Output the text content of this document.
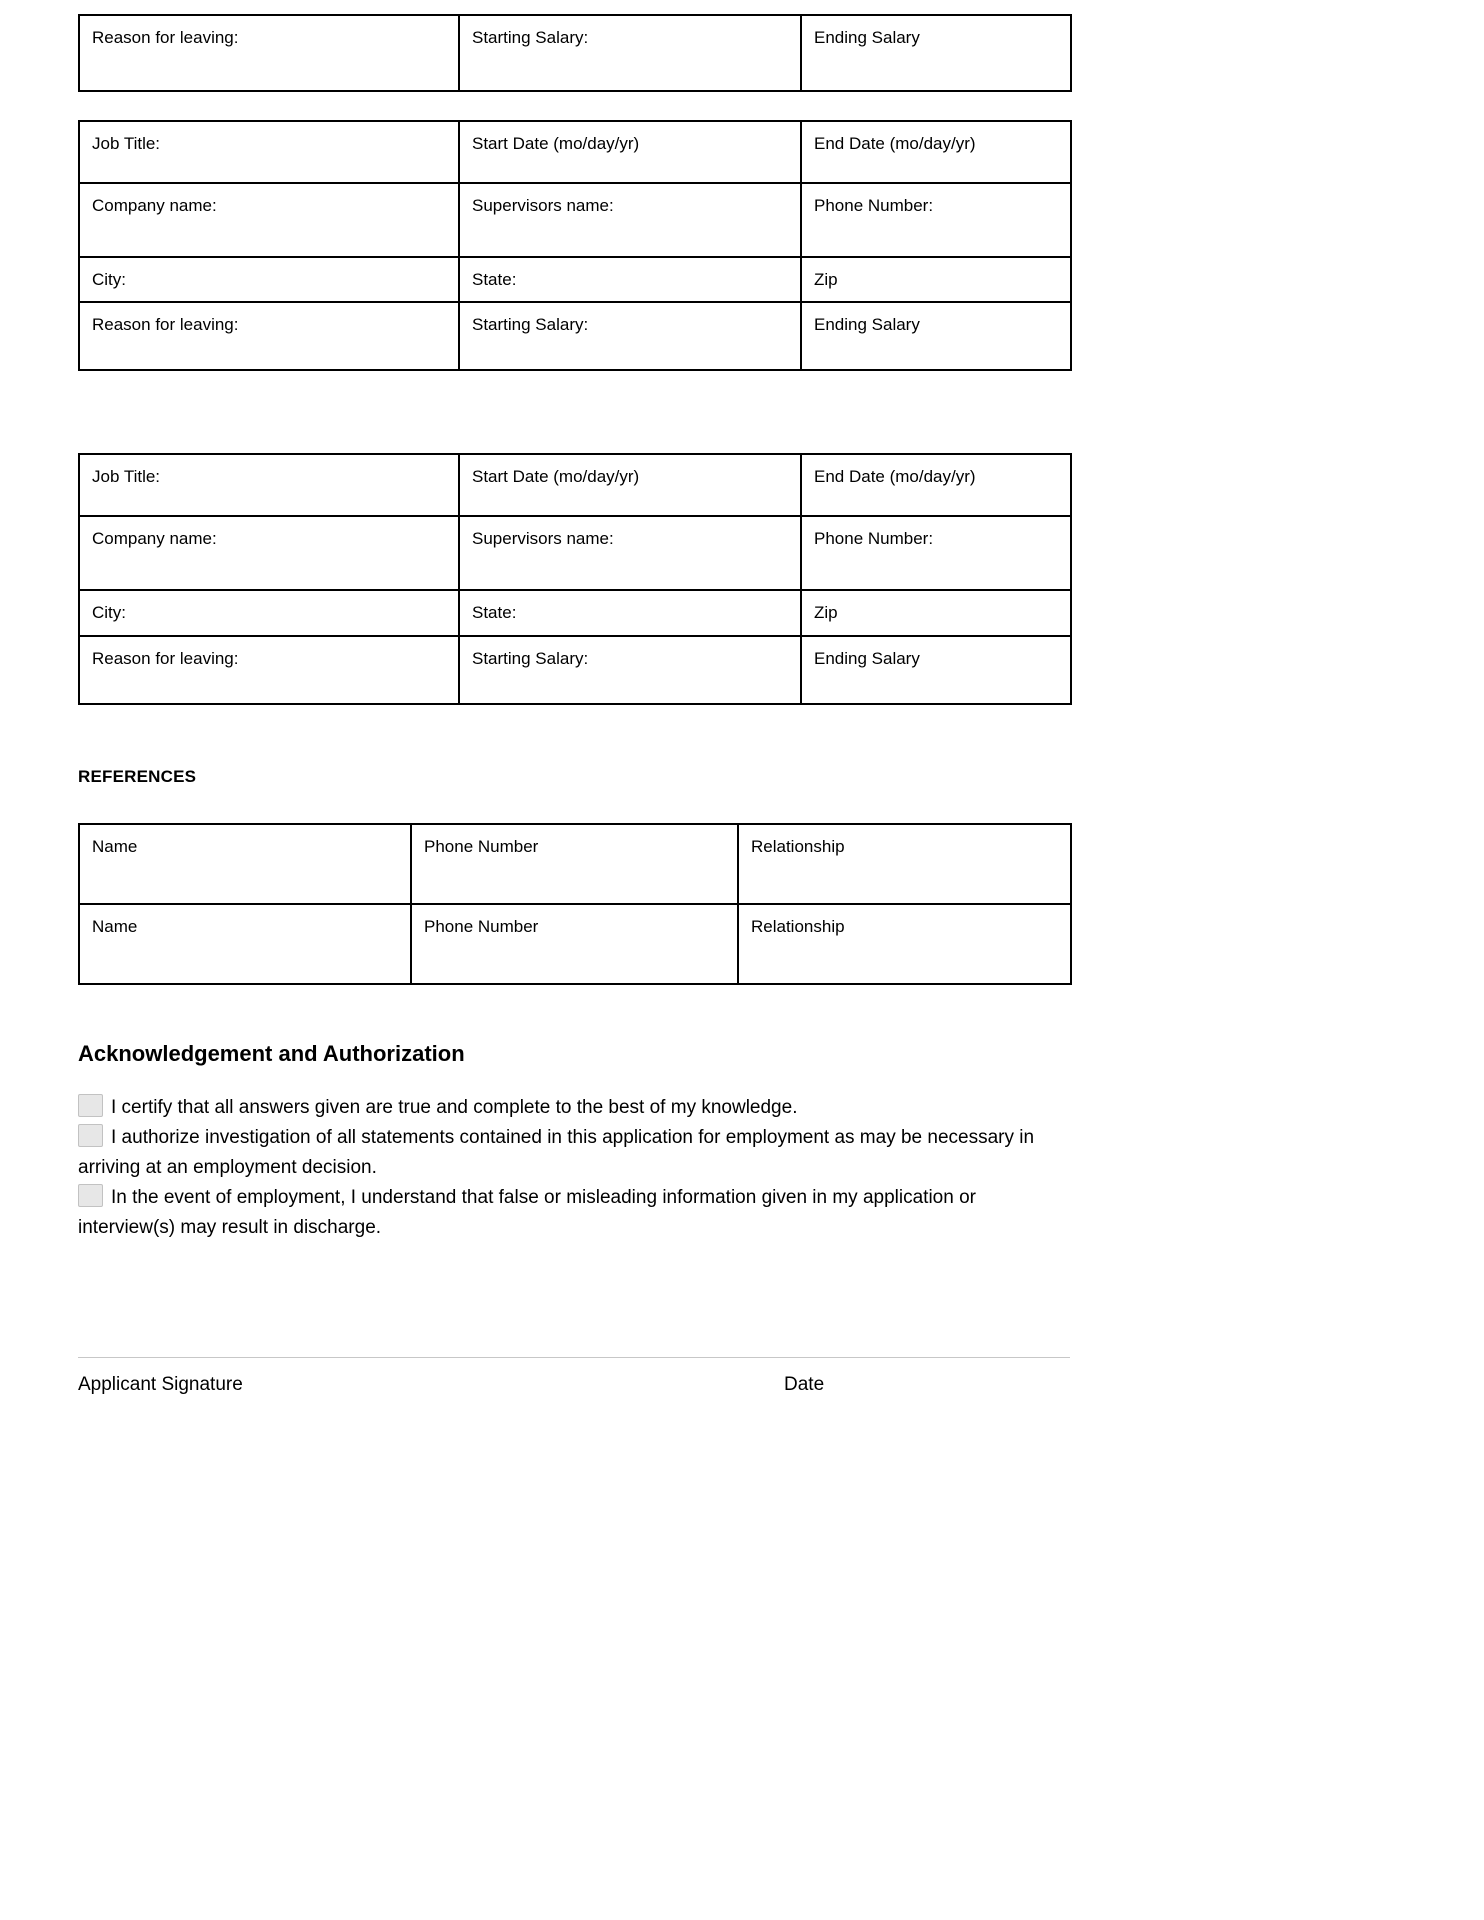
Reason for leaving:	Starting Salary:	Ending Salary
Job Title:	Start Date (mo/day/yr)	End Date (mo/day/yr)
Company name:	Supervisors name:	Phone Number:
City:	State:	Zip
Reason for leaving:	Starting Salary:	Ending Salary
Job Title:	Start Date (mo/day/yr)	End Date (mo/day/yr)
Company name:	Supervisors name:	Phone Number:
City:	State:	Zip
Reason for leaving:	Starting Salary:	Ending Salary
REFERENCES
Name	Phone Number	Relationship
Name	Phone Number	Relationship
Acknowledgement and Authorization

I certify that all answers given are true and complete to the best of my knowledge.

I authorize investigation of all statements contained in this application for employment as may be necessary in arriving at an employment decision.

In the event of employment, I understand that false or misleading information given in my application or interview(s) may result in discharge.

Applicant Signature	Date
